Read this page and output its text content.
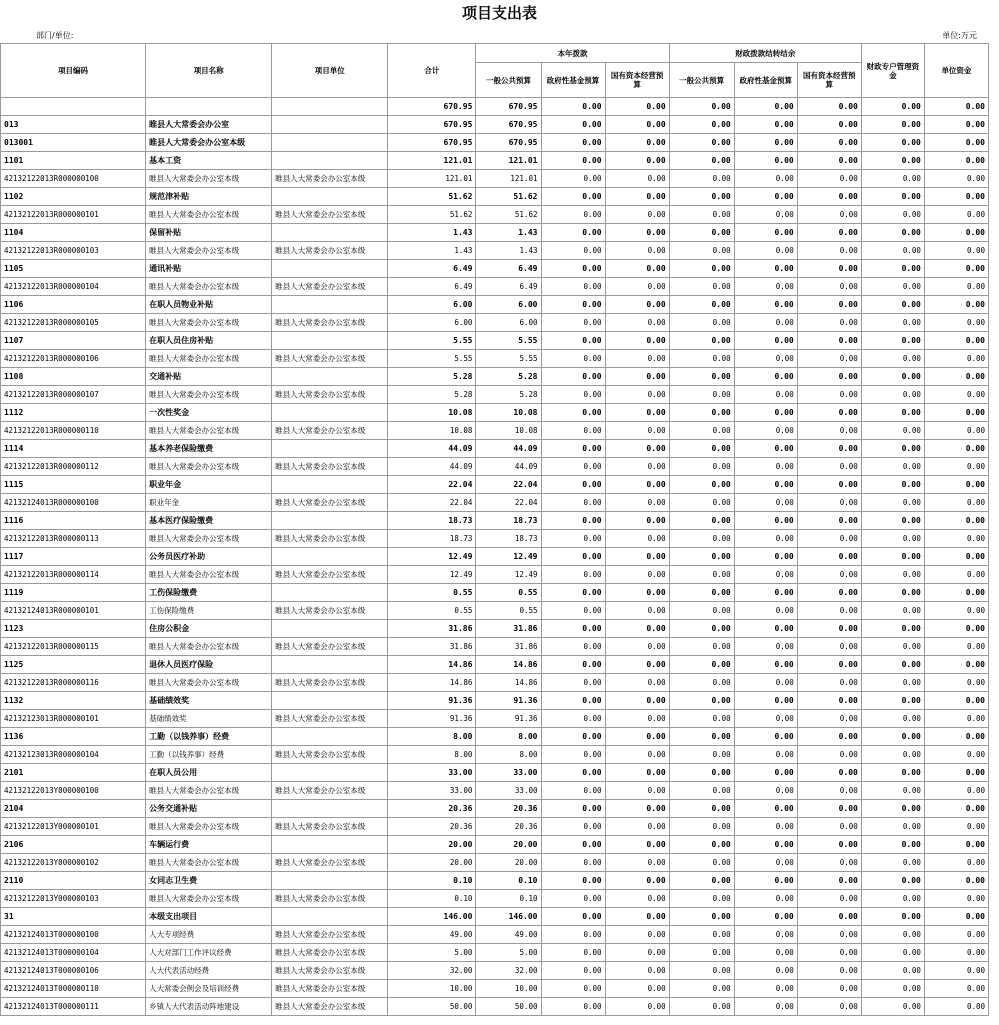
项目支出表
部门/单位:	单位:万元
项目编码	项目名称	项目单位	合计	本年拨款			财政拨款结转结余			财政专户管理资金	单位资金
				一般公共预算	政府性基金预算	国有资本经营预算	一般公共预算	政府性基金预算	国有资本经营预算		
			670.95	670.95	0.00	0.00	0.00	0.00	0.00	0.00	0.00
013	睢县人大常委会办公室		670.95	670.95	0.00	0.00	0.00	0.00	0.00	0.00	0.00
013001	睢县人大常委会办公室本级		670.95	670.95	0.00	0.00	0.00	0.00	0.00	0.00	0.00
1101	基本工资		121.01	121.01	0.00	0.00	0.00	0.00	0.00	0.00	0.00
42132122013R000000100	睢县人大常委会办公室本级	睢县人大常委会办公室本级	121.01	121.01	0.00	0.00	0.00	0.00	0.00	0.00	0.00
1102	规范津补贴		51.62	51.62	0.00	0.00	0.00	0.00	0.00	0.00	0.00
42132122013R000000101	睢县人大常委会办公室本级	睢县人大常委会办公室本级	51.62	51.62	0.00	0.00	0.00	0.00	0.00	0.00	0.00
1104	保留补贴		1.43	1.43	0.00	0.00	0.00	0.00	0.00	0.00	0.00
42132122013R000000103	睢县人大常委会办公室本级	睢县人大常委会办公室本级	1.43	1.43	0.00	0.00	0.00	0.00	0.00	0.00	0.00
1105	通讯补贴		6.49	6.49	0.00	0.00	0.00	0.00	0.00	0.00	0.00
42132122013R000000104	睢县人大常委会办公室本级	睢县人大常委会办公室本级	6.49	6.49	0.00	0.00	0.00	0.00	0.00	0.00	0.00
1106	在职人员物业补贴		6.00	6.00	0.00	0.00	0.00	0.00	0.00	0.00	0.00
42132122013R000000105	睢县人大常委会办公室本级	睢县人大常委会办公室本级	6.00	6.00	0.00	0.00	0.00	0.00	0.00	0.00	0.00
1107	在职人员住房补贴		5.55	5.55	0.00	0.00	0.00	0.00	0.00	0.00	0.00
42132122013R000000106	睢县人大常委会办公室本级	睢县人大常委会办公室本级	5.55	5.55	0.00	0.00	0.00	0.00	0.00	0.00	0.00
1108	交通补贴		5.28	5.28	0.00	0.00	0.00	0.00	0.00	0.00	0.00
42132122013R000000107	睢县人大常委会办公室本级	睢县人大常委会办公室本级	5.28	5.28	0.00	0.00	0.00	0.00	0.00	0.00	0.00
1112	一次性奖金		10.08	10.08	0.00	0.00	0.00	0.00	0.00	0.00	0.00
42132122013R000000110	睢县人大常委会办公室本级	睢县人大常委会办公室本级	10.08	10.08	0.00	0.00	0.00	0.00	0.00	0.00	0.00
1114	基本养老保险缴费		44.09	44.09	0.00	0.00	0.00	0.00	0.00	0.00	0.00
42132122013R000000112	睢县人大常委会办公室本级	睢县人大常委会办公室本级	44.09	44.09	0.00	0.00	0.00	0.00	0.00	0.00	0.00
1115	职业年金		22.04	22.04	0.00	0.00	0.00	0.00	0.00	0.00	0.00
42132124013R000000100	职业年金	睢县人大常委会办公室本级	22.04	22.04	0.00	0.00	0.00	0.00	0.00	0.00	0.00
1116	基本医疗保险缴费		18.73	18.73	0.00	0.00	0.00	0.00	0.00	0.00	0.00
42132122013R000000113	睢县人大常委会办公室本级	睢县人大常委会办公室本级	18.73	18.73	0.00	0.00	0.00	0.00	0.00	0.00	0.00
1117	公务员医疗补助		12.49	12.49	0.00	0.00	0.00	0.00	0.00	0.00	0.00
42132122013R000000114	睢县人大常委会办公室本级	睢县人大常委会办公室本级	12.49	12.49	0.00	0.00	0.00	0.00	0.00	0.00	0.00
1119	工伤保险缴费		0.55	0.55	0.00	0.00	0.00	0.00	0.00	0.00	0.00
42132124013R000000101	工伤保险缴费	睢县人大常委会办公室本级	0.55	0.55	0.00	0.00	0.00	0.00	0.00	0.00	0.00
1123	住房公积金		31.86	31.86	0.00	0.00	0.00	0.00	0.00	0.00	0.00
42132122013R000000115	睢县人大常委会办公室本级	睢县人大常委会办公室本级	31.86	31.86	0.00	0.00	0.00	0.00	0.00	0.00	0.00
1125	退休人员医疗保险		14.86	14.86	0.00	0.00	0.00	0.00	0.00	0.00	0.00
42132122013R000000116	睢县人大常委会办公室本级	睢县人大常委会办公室本级	14.86	14.86	0.00	0.00	0.00	0.00	0.00	0.00	0.00
1132	基础绩效奖		91.36	91.36	0.00	0.00	0.00	0.00	0.00	0.00	0.00
42132123013R000000101	基础绩效奖	睢县人大常委会办公室本级	91.36	91.36	0.00	0.00	0.00	0.00	0.00	0.00	0.00
1136	工勤（以钱养事）经费		8.00	8.00	0.00	0.00	0.00	0.00	0.00	0.00	0.00
42132123013R000000104	工勤（以钱养事）经费	睢县人大常委会办公室本级	8.00	8.00	0.00	0.00	0.00	0.00	0.00	0.00	0.00
2101	在职人员公用		33.00	33.00	0.00	0.00	0.00	0.00	0.00	0.00	0.00
42132122013Y000000100	睢县人大常委会办公室本级	睢县人大常委会办公室本级	33.00	33.00	0.00	0.00	0.00	0.00	0.00	0.00	0.00
2104	公务交通补贴		20.36	20.36	0.00	0.00	0.00	0.00	0.00	0.00	0.00
42132122013Y000000101	睢县人大常委会办公室本级	睢县人大常委会办公室本级	20.36	20.36	0.00	0.00	0.00	0.00	0.00	0.00	0.00
2106	车辆运行费		20.00	20.00	0.00	0.00	0.00	0.00	0.00	0.00	0.00
42132122013Y000000102	睢县人大常委会办公室本级	睢县人大常委会办公室本级	20.00	20.00	0.00	0.00	0.00	0.00	0.00	0.00	0.00
2110	女同志卫生费		0.10	0.10	0.00	0.00	0.00	0.00	0.00	0.00	0.00
42132122013Y000000103	睢县人大常委会办公室本级	睢县人大常委会办公室本级	0.10	0.10	0.00	0.00	0.00	0.00	0.00	0.00	0.00
31	本级支出项目		146.00	146.00	0.00	0.00	0.00	0.00	0.00	0.00	0.00
42132124013T000000100	人大专项经费	睢县人大常委会办公室本级	49.00	49.00	0.00	0.00	0.00	0.00	0.00	0.00	0.00
42132124013T000000104	人大对部门工作评议经费	睢县人大常委会办公室本级	5.00	5.00	0.00	0.00	0.00	0.00	0.00	0.00	0.00
42132124013T000000106	人大代表活动经费	睢县人大常委会办公室本级	32.00	32.00	0.00	0.00	0.00	0.00	0.00	0.00	0.00
42132124013T000000110	人大常委会例会及培训经费	睢县人大常委会办公室本级	10.00	10.00	0.00	0.00	0.00	0.00	0.00	0.00	0.00
42132124013T000000111	乡镇人大代表活动阵地建设	睢县人大常委会办公室本级	50.00	50.00	0.00	0.00	0.00	0.00	0.00	0.00	0.00
